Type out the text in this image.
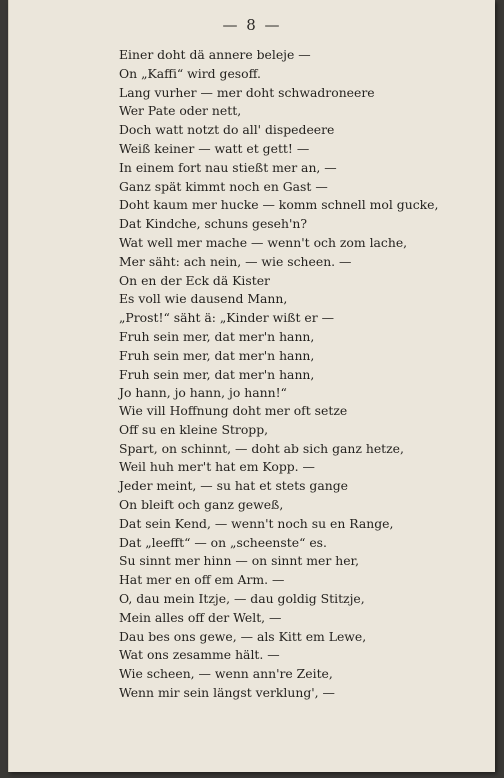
— 8 —
Einer doht dä annere beleje —
On „Kaffi“ wird gesoff.
Lang vurher — mer doht schwadroneere
Wer Pate oder nett,
Doch watt notzt do all' dispedeere
Weiß keiner — watt et gett! —
In einem fort nau stießt mer an, —
Ganz spät kimmt noch en Gast —
Doht kaum mer hucke — komm schnell mol gucke,
Dat Kindche, schuns geseh'n?
Wat well mer mache — wenn't och zom lache,
Mer säht: ach nein, — wie scheen. —
On en der Eck dä Kister
Es voll wie dausend Mann,
„Prost!“ säht ä: „Kinder wißt er —
Fruh sein mer, dat mer'n hann,
Fruh sein mer, dat mer'n hann,
Fruh sein mer, dat mer'n hann,
Jo hann, jo hann, jo hann!“
Wie vill Hoffnung doht mer oft setze
Off su en kleine Stropp,
Spart, on schinnt, — doht ab sich ganz hetze,
Weil huh mer't hat em Kopp. —
Jeder meint, — su hat et stets gange
On bleift och ganz geweß,
Dat sein Kend, — wenn't noch su en Range,
Dat „leefft“ — on „scheenste“ es.
Su sinnt mer hinn — on sinnt mer her,
Hat mer en off em Arm. —
O, dau mein Itzje, — dau goldig Stitzje,
Mein alles off der Welt, —
Dau bes ons gewe, — als Kitt em Lewe,
Wat ons zesamme hält. —
Wie scheen, — wenn ann're Zeite,
Wenn mir sein längst verklung', —
